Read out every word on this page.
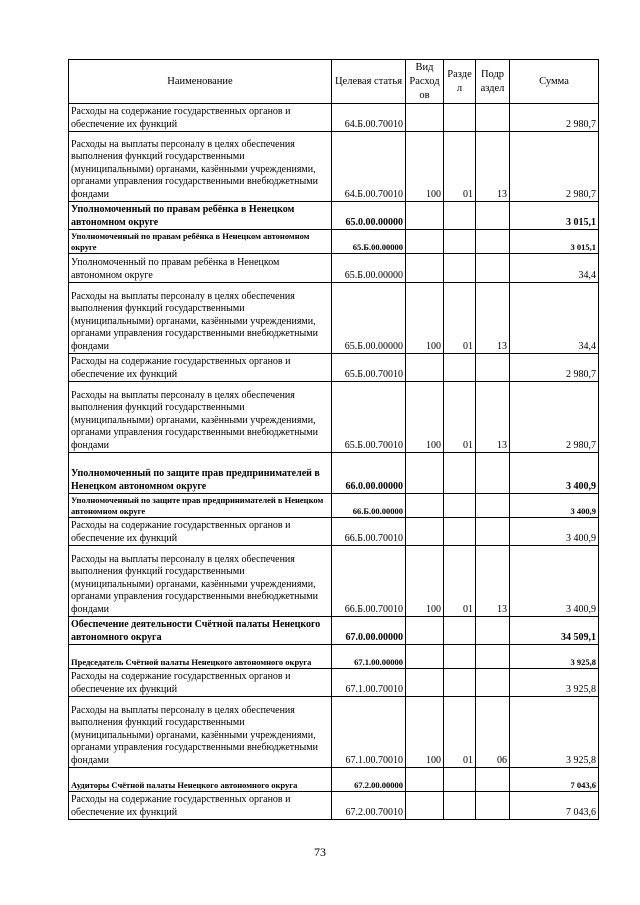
Наименование	Целевая статья	Вид Расход ов	Разде л	Подр аздел	Сумма
Расходы на содержание государственных органов и обеспечение их функций	64.Б.00.70010				2 980,7
Расходы на выплаты персоналу в целях обеспечения выполнения функций государственными (муниципальными) органами, казёнными учреждениями, органами управления государственными внебюджетными фондами	64.Б.00.70010	100	01	13	2 980,7
Уполномоченный по правам ребёнка в Ненецком автономном округе	65.0.00.00000				3 015,1
Уполномоченный по правам ребёнка в Ненецком автономном округе	65.Б.00.00000				3 015,1
Уполномоченный по правам ребёнка в Ненецком автономном округе	65.Б.00.00000				34,4
Расходы на выплаты персоналу в целях обеспечения выполнения функций государственными (муниципальными) органами, казёнными учреждениями, органами управления государственными внебюджетными фондами	65.Б.00.00000	100	01	13	34,4
Расходы на содержание государственных органов и обеспечение их функций	65.Б.00.70010				2 980,7
Расходы на выплаты персоналу в целях обеспечения выполнения функций государственными (муниципальными) органами, казёнными учреждениями, органами управления государственными внебюджетными фондами	65.Б.00.70010	100	01	13	2 980,7
Уполномоченный по защите прав предпринимателей в Ненецком автономном округе	66.0.00.00000				3 400,9
Уполномоченный по защите прав предпринимателей в Ненецком автономном округе	66.Б.00.00000				3 400,9
Расходы на содержание государственных органов и обеспечение их функций	66.Б.00.70010				3 400,9
Расходы на выплаты персоналу в целях обеспечения выполнения функций государственными (муниципальными) органами, казёнными учреждениями, органами управления государственными внебюджетными фондами	66.Б.00.70010	100	01	13	3 400,9
Обеспечение деятельности Счётной палаты Ненецкого автономного округа	67.0.00.00000				34 509,1
Председатель Счётной палаты Ненецкого автономного округа	67.1.00.00000				3 925,8
Расходы на содержание государственных органов и обеспечение их функций	67.1.00.70010				3 925,8
Расходы на выплаты персоналу в целях обеспечения выполнения функций государственными (муниципальными) органами, казёнными учреждениями, органами управления государственными внебюджетными фондами	67.1.00.70010	100	01	06	3 925,8
Аудиторы Счётной палаты Ненецкого автономного округа	67.2.00.00000				7 043,6
Расходы на содержание государственных органов и обеспечение их функций	67.2.00.70010				7 043,6
73
